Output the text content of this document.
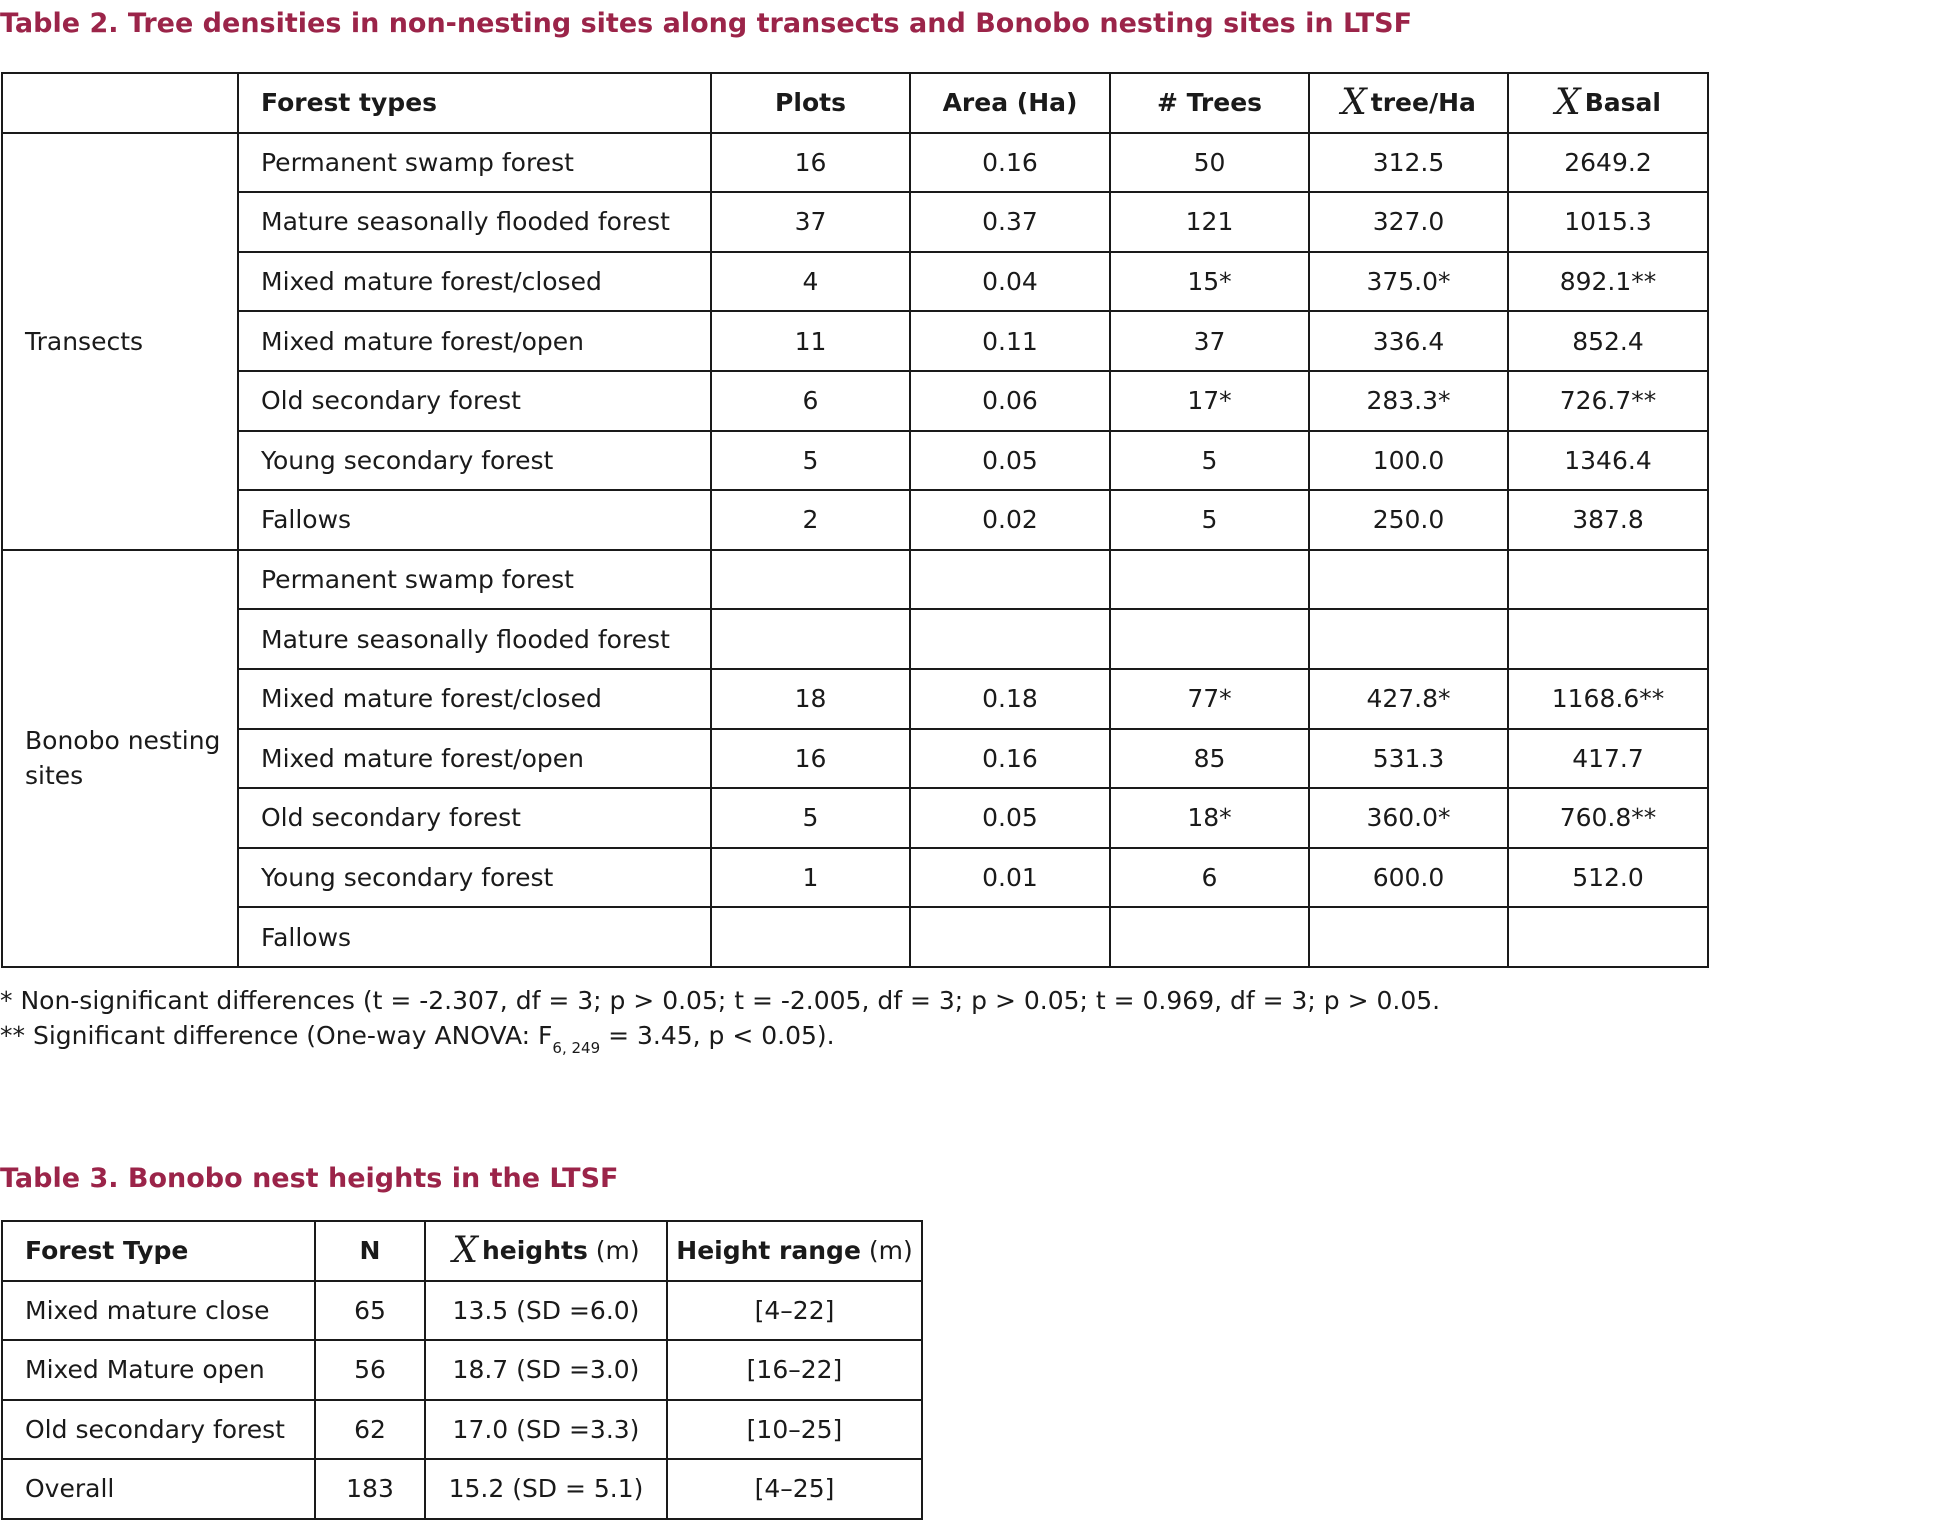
Table 2. Tree densities in non-nesting sites along transects and Bonobo nesting sites in LTSF
	Forest types	Plots	Area (Ha)	# Trees	X tree/Ha	X Basal
Transects	Permanent swamp forest	16	0.16	50	312.5	2649.2
	Mature seasonally flooded forest	37	0.37	121	327.0	1015.3
	Mixed mature forest/closed	4	0.04	15*	375.0*	892.1**
	Mixed mature forest/open	11	0.11	37	336.4	852.4
	Old secondary forest	6	0.06	17*	283.3*	726.7**
	Young secondary forest	5	0.05	5	100.0	1346.4
	Fallows	2	0.02	5	250.0	387.8
Bonobo nesting sites	Permanent swamp forest					
	Mature seasonally flooded forest					
	Mixed mature forest/closed	18	0.18	77*	427.8*	1168.6**
	Mixed mature forest/open	16	0.16	85	531.3	417.7
	Old secondary forest	5	0.05	18*	360.0*	760.8**
	Young secondary forest	1	0.01	6	600.0	512.0
	Fallows					

* Non-significant differences (t = -2.307, df = 3; p > 0.05; t = -2.005, df = 3; p > 0.05; t = 0.969, df = 3; p > 0.05.

** Significant difference (One-way ANOVA: $F_{6, 249} = 3.45$, p < 0.05).

Table 3. Bonobo nest heights in the LTSF
Forest Type	N	X heights (m)	Height range (m)
Mixed mature close	65	13.5 (SD =6.0)	[4–22]
Mixed Mature open	56	18.7 (SD =3.0)	[16–22]
Old secondary forest	62	17.0 (SD =3.3)	[10–25]
Overall	183	15.2 (SD = 5.1)	[4–25]
